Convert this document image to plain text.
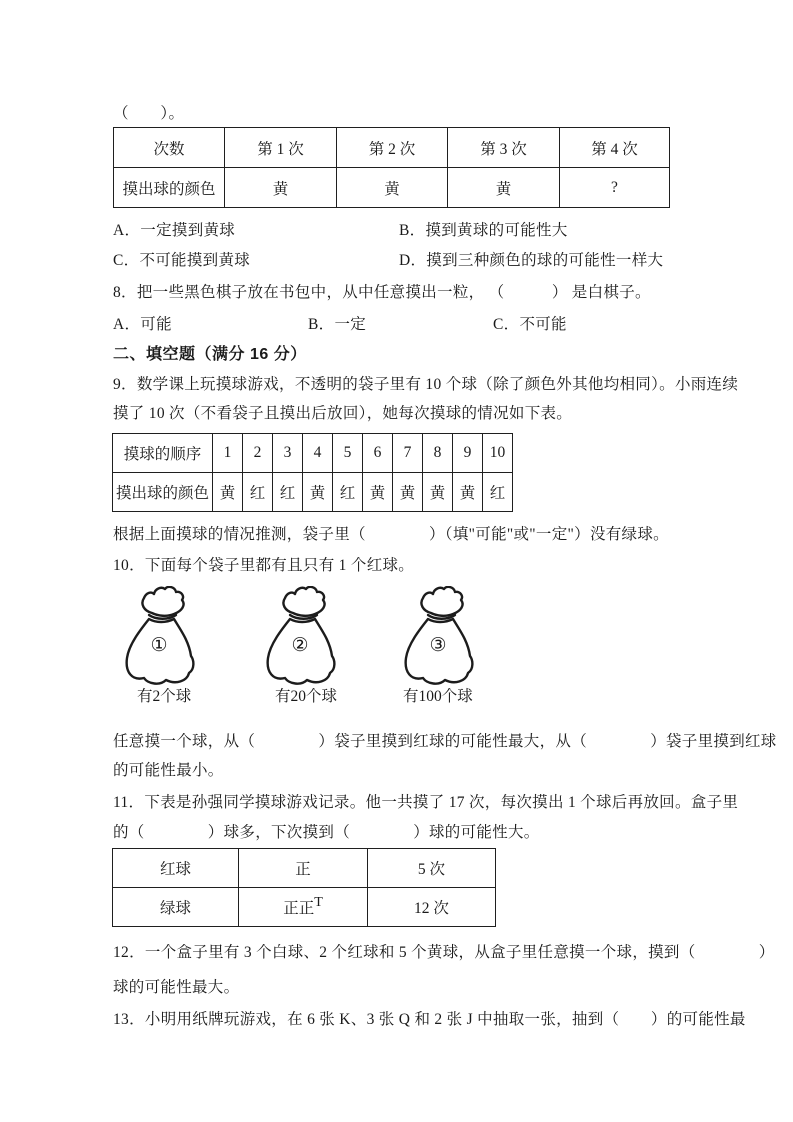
（　　）。
次数	第 1 次	第 2 次	第 3 次	第 4 次
摸出球的颜色	黄	黄	黄	?
A．一定摸到黄球	B．摸到黄球的可能性大
C．不可能摸到黄球	D．摸到三种颜色的球的可能性一样大
8．把一些黑色棋子放在书包中，从中任意摸出一粒， （　　　） 是白棋子。
A．可能	B．一定	C．不可能
二、填空题（满分 16 分）
9．数学课上玩摸球游戏，不透明的袋子里有 10 个球（除了颜色外其他均相同）。小雨连续
摸了 10 次（不看袋子且摸出后放回），她每次摸球的情况如下表。
摸球的顺序	1	2	3	4	5	6	7	8	9	10
摸出球的颜色	黄	红	红	黄	红	黄	黄	黄	黄	红
根据上面摸球的情况推测，袋子里（　　　　）（填"可能"或"一定"）没有绿球。
10．下面每个袋子里都有且只有 1 个红球。
①	②	③
有2个球	有20个球	有100个球
任意摸一个球，从（　　　　）袋子里摸到红球的可能性最大，从（　　　　）袋子里摸到红球
的可能性最小。
11．下表是孙强同学摸球游戏记录。他一共摸了 17 次，每次摸出 1 个球后再放回。盒子里
的（　　　　）球多，下次摸到（　　　　）球的可能性大。
红球	正	5 次
绿球	正正T	12 次
12．一个盒子里有 3 个白球、2 个红球和 5 个黄球，从盒子里任意摸一个球，摸到（　　　　）
球的可能性最大。
13．小明用纸牌玩游戏，在 6 张 K、3 张 Q 和 2 张 J 中抽取一张，抽到（　　）的可能性最
